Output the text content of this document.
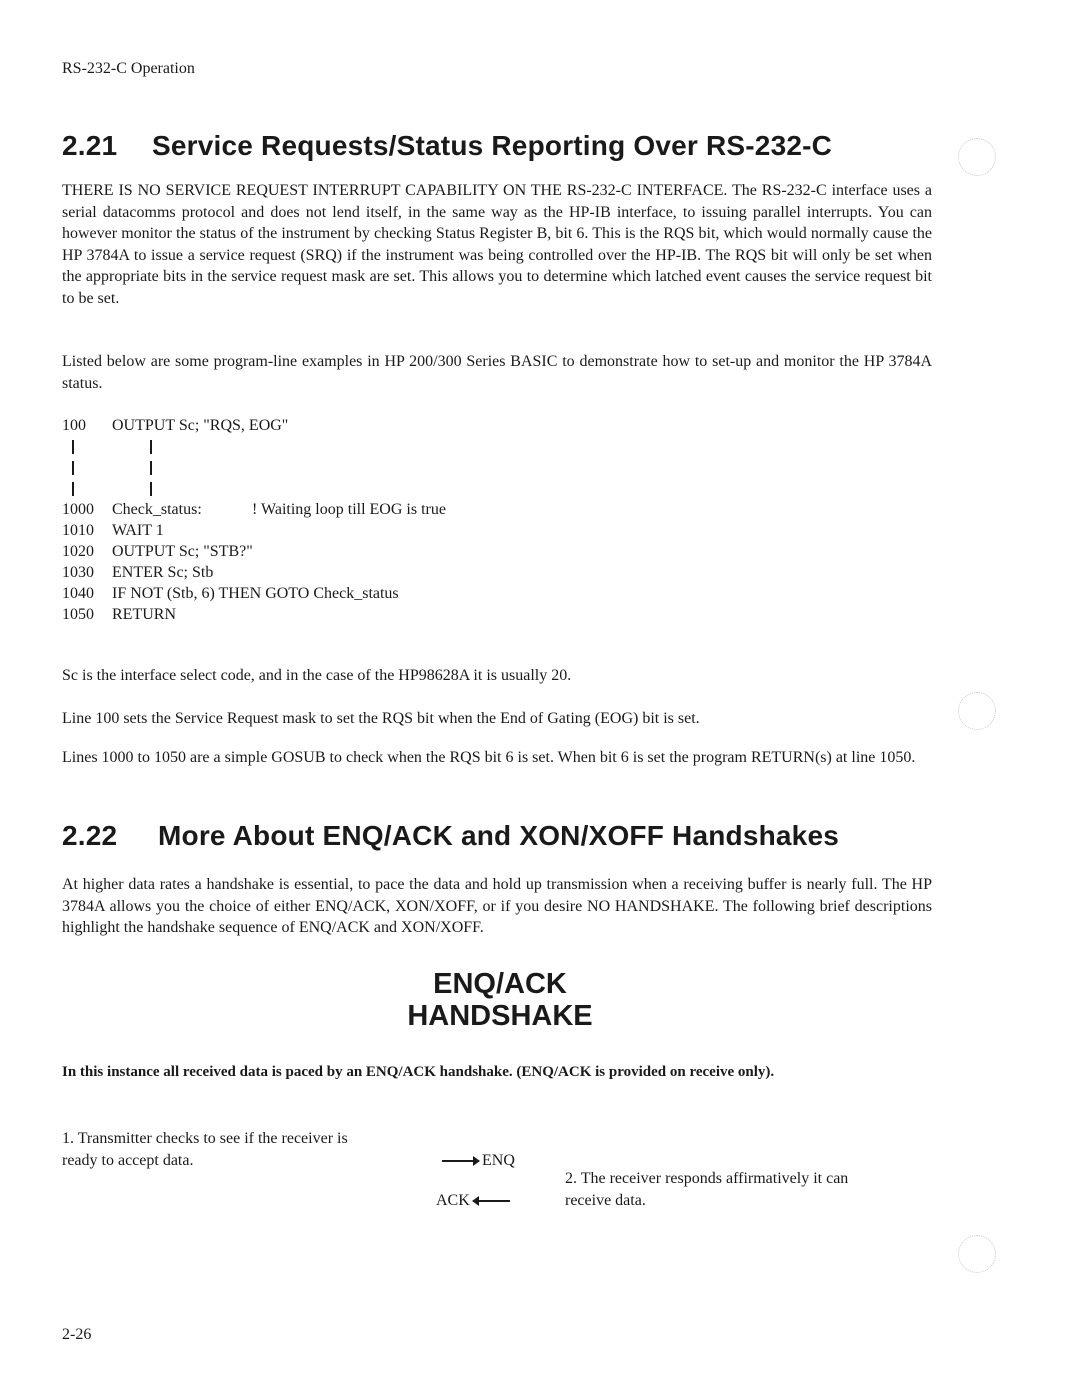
RS-232-C Operation
2.21 Service Requests/Status Reporting Over RS-232-C
THERE IS NO SERVICE REQUEST INTERRUPT CAPABILITY ON THE RS-232-C INTERFACE. The RS-232-C interface uses a serial datacomms protocol and does not lend itself, in the same way as the HP-IB interface, to issuing parallel interrupts. You can however monitor the status of the instrument by checking Status Register B, bit 6. This is the RQS bit, which would normally cause the HP 3784A to issue a service request (SRQ) if the instrument was being controlled over the HP-IB. The RQS bit will only be set when the appropriate bits in the service request mask are set. This allows you to determine which latched event causes the service request bit to be set.
Listed below are some program-line examples in HP 200/300 Series BASIC to demonstrate how to set-up and monitor the HP 3784A status.
100 OUTPUT Sc; "RQS, EOG"
1000 Check_status:	! Waiting loop till EOG is true
1010 WAIT 1
1020 OUTPUT Sc; "STB?"
1030 ENTER Sc; Stb
1040 IF NOT (Stb, 6) THEN GOTO Check_status
1050 RETURN
Sc is the interface select code, and in the case of the HP98628A it is usually 20.
Line 100 sets the Service Request mask to set the RQS bit when the End of Gating (EOG) bit is set.
Lines 1000 to 1050 are a simple GOSUB to check when the RQS bit 6 is set. When bit 6 is set the program RETURN(s) at line 1050.
2.22 More About ENQ/ACK and XON/XOFF Handshakes
At higher data rates a handshake is essential, to pace the data and hold up transmission when a receiving buffer is nearly full. The HP 3784A allows you the choice of either ENQ/ACK, XON/XOFF, or if you desire NO HANDSHAKE. The following brief descriptions highlight the handshake sequence of ENQ/ACK and XON/XOFF.
ENQ/ACK
HANDSHAKE
In this instance all received data is paced by an ENQ/ACK handshake. (ENQ/ACK is provided on receive only).
1. Transmitter checks to see if the receiver is
ready to accept data.	ENQ
2. The receiver responds affirmatively it can
receive data.
ACK
2-26
